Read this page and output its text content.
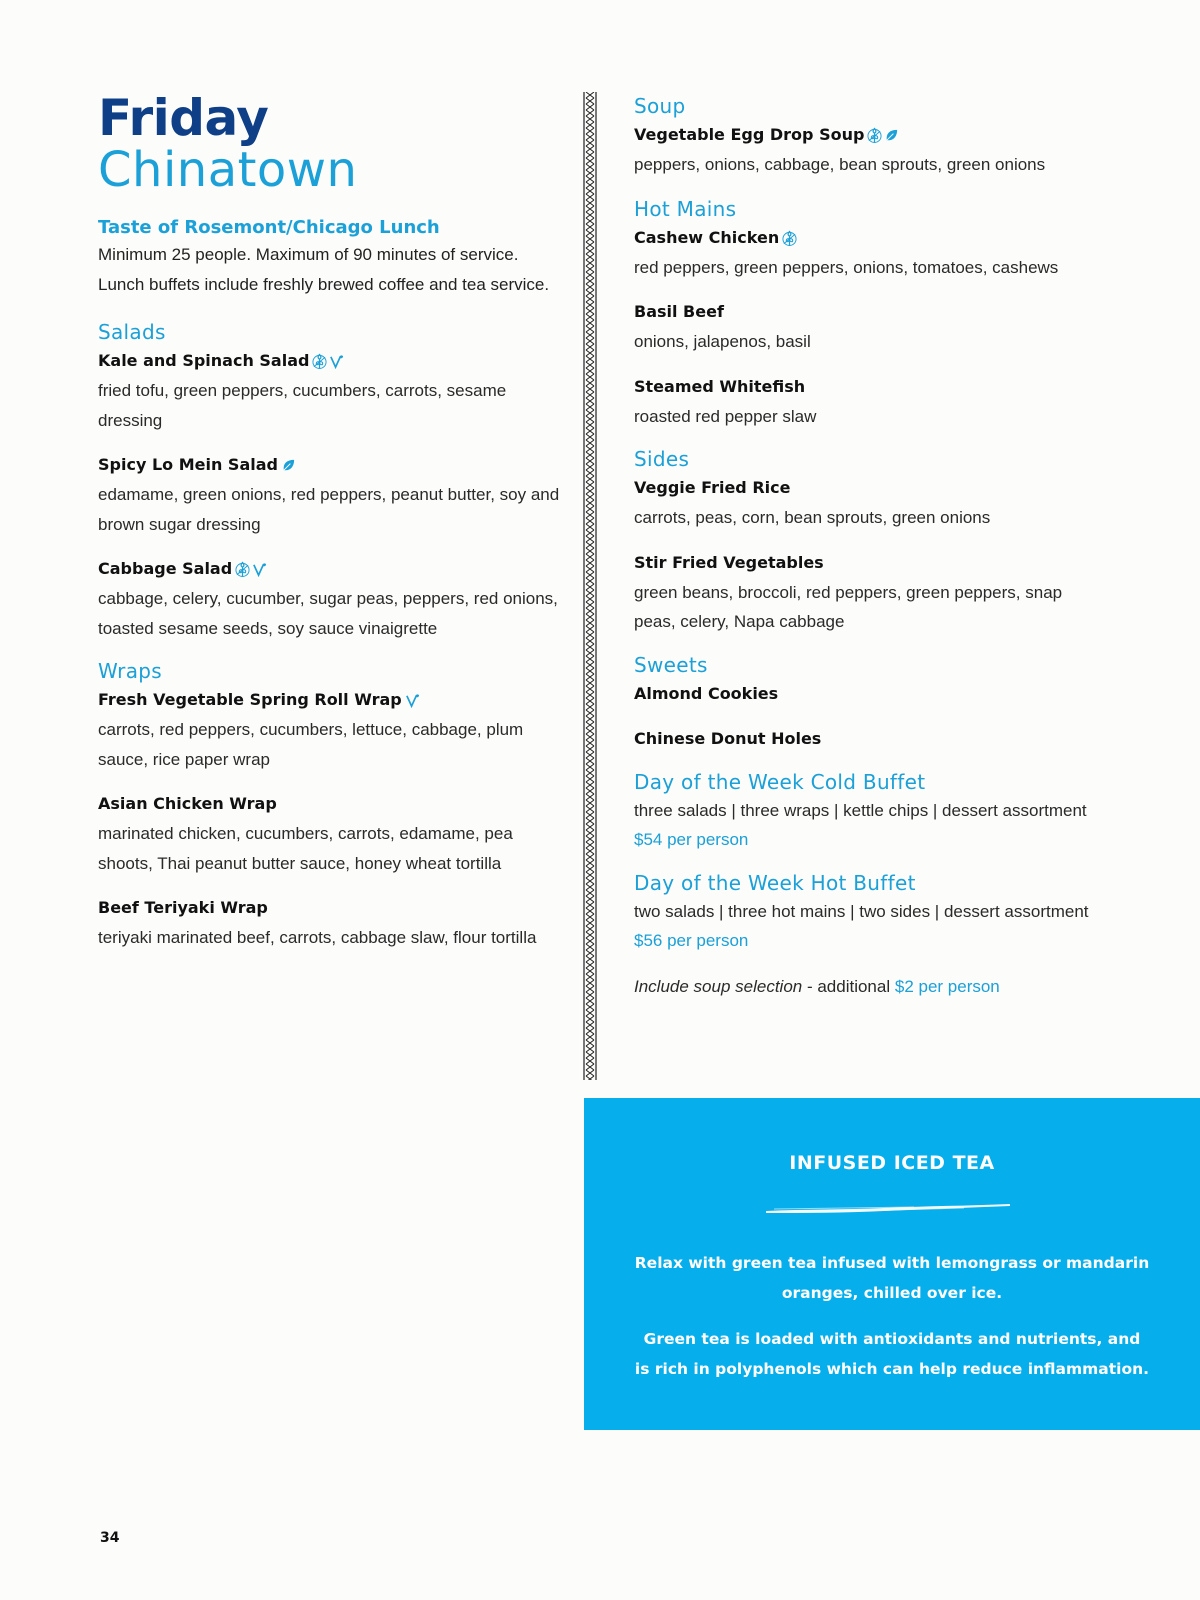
Friday
Chinatown
Taste of Rosemont/Chicago Lunch
Minimum 25 people. Maximum of 90 minutes of service. Lunch buffets include freshly brewed coffee and tea service.
Salads
Kale and Spinach Salad
fried tofu, green peppers, cucumbers, carrots, sesame dressing
Spicy Lo Mein Salad
edamame, green onions, red peppers, peanut butter, soy and brown sugar dressing
Cabbage Salad
cabbage, celery, cucumber, sugar peas, peppers, red onions, toasted sesame seeds, soy sauce vinaigrette
Wraps
Fresh Vegetable Spring Roll Wrap
carrots, red peppers, cucumbers, lettuce, cabbage, plum sauce, rice paper wrap
Asian Chicken Wrap
marinated chicken, cucumbers, carrots, edamame, pea shoots, Thai peanut butter sauce, honey wheat tortilla
Beef Teriyaki Wrap
teriyaki marinated beef, carrots, cabbage slaw, flour tortilla
Soup
Vegetable Egg Drop Soup
peppers, onions, cabbage, bean sprouts, green onions
Hot Mains
Cashew Chicken
red peppers, green peppers, onions, tomatoes, cashews
Basil Beef
onions, jalapenos, basil
Steamed Whitefish
roasted red pepper slaw
Sides
Veggie Fried Rice
carrots, peas, corn, bean sprouts, green onions
Stir Fried Vegetables
green beans, broccoli, red peppers, green peppers, snap peas, celery, Napa cabbage
Sweets
Almond Cookies
Chinese Donut Holes
Day of the Week Cold Buffet
three salads | three wraps | kettle chips | dessert assortment
$54 per person
Day of the Week Hot Buffet
two salads | three hot mains | two sides | dessert assortment
$56 per person
Include soup selection - additional $2 per person
INFUSED ICED TEA
Relax with green tea infused with lemongrass or mandarin oranges, chilled over ice.
Green tea is loaded with antioxidants and nutrients, and is rich in polyphenols which can help reduce inflammation.
34
